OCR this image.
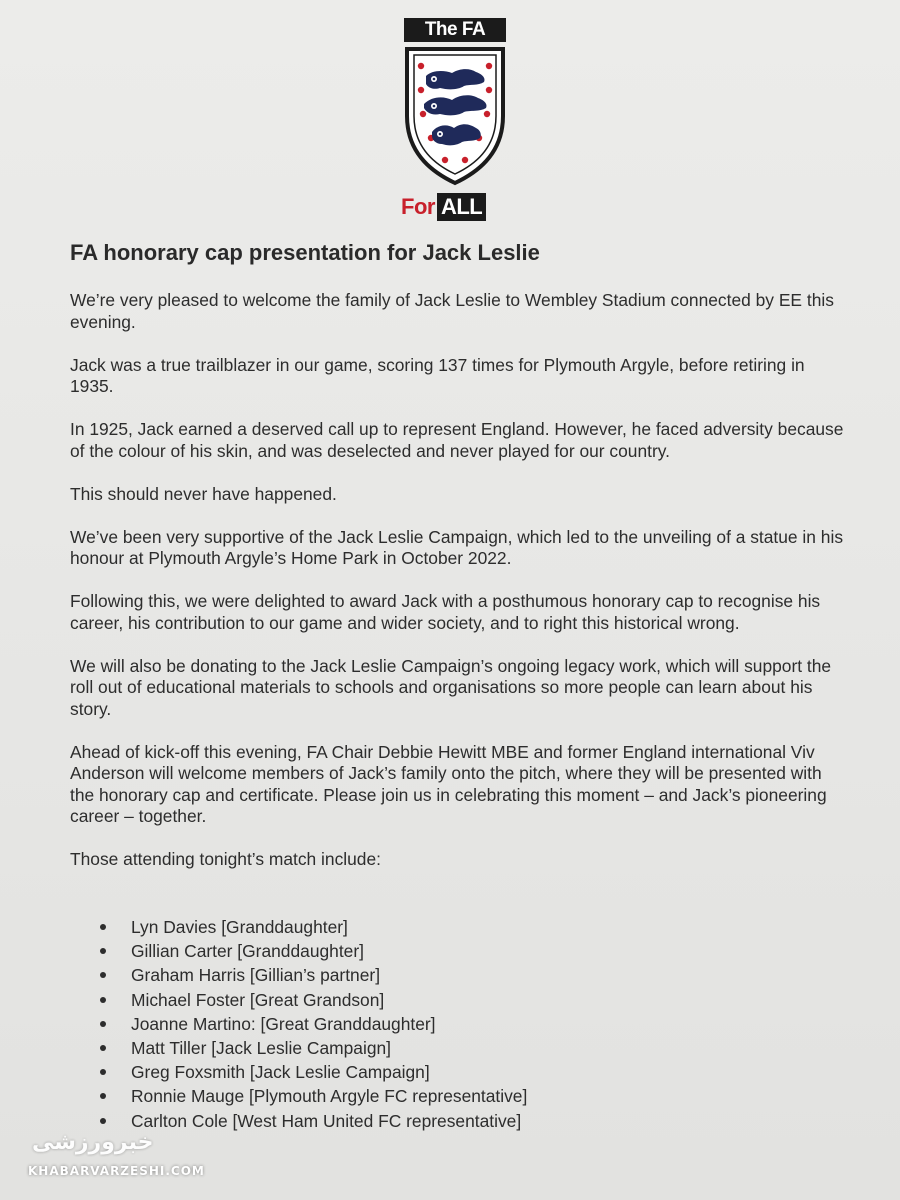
The FA
For ALL
FA honorary cap presentation for Jack Leslie

We’re very pleased to welcome the family of Jack Leslie to Wembley Stadium connected by EE this evening.

Jack was a true trailblazer in our game, scoring 137 times for Plymouth Argyle, before retiring in 1935.

In 1925, Jack earned a deserved call up to represent England. However, he faced adversity because of the colour of his skin, and was deselected and never played for our country.

This should never have happened.

We’ve been very supportive of the Jack Leslie Campaign, which led to the unveiling of a statue in his honour at Plymouth Argyle’s Home Park in October 2022.

Following this, we were delighted to award Jack with a posthumous honorary cap to recognise his career, his contribution to our game and wider society, and to right this historical wrong.

We will also be donating to the Jack Leslie Campaign’s ongoing legacy work, which will support the roll out of educational materials to schools and organisations so more people can learn about his story.

Ahead of kick-off this evening, FA Chair Debbie Hewitt MBE and former England international Viv Anderson will welcome members of Jack’s family onto the pitch, where they will be presented with the honorary cap and certificate. Please join us in celebrating this moment – and Jack’s pioneering career – together.

Those attending tonight’s match include:

Lyn Davies [Granddaughter]
Gillian Carter [Granddaughter]
Graham Harris [Gillian’s partner]
Michael Foster [Great Grandson]
Joanne Martino: [Great Granddaughter]
Matt Tiller [Jack Leslie Campaign]
Greg Foxsmith [Jack Leslie Campaign]
Ronnie Mauge [Plymouth Argyle FC representative]
Carlton Cole [West Ham United FC representative]
خبرورزشی
KHABARVARZESHI.COM
